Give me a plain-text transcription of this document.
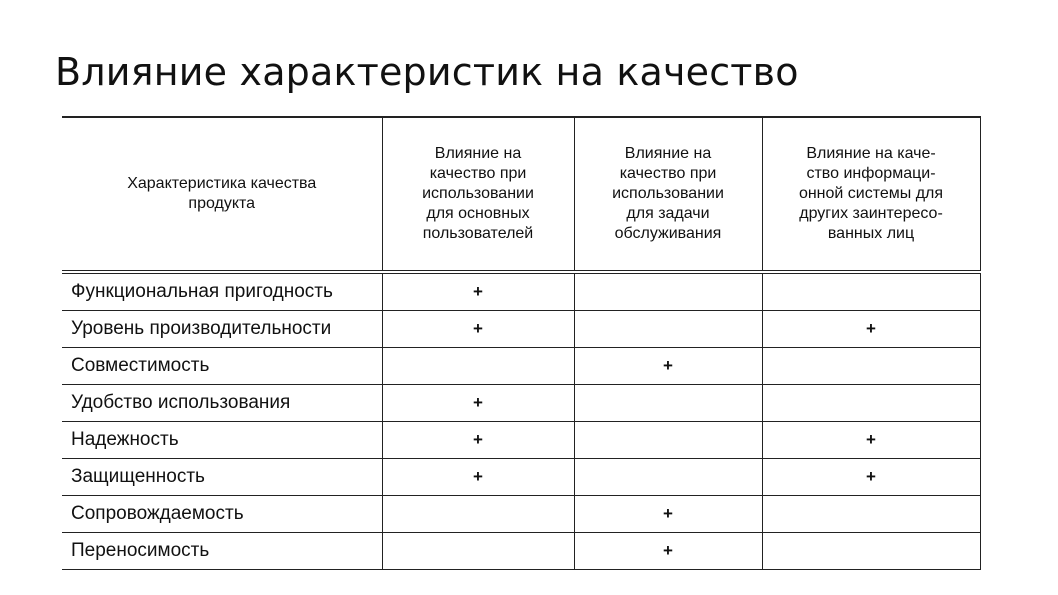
Влияние характеристик на качество
Характеристика качества
продукта	Влияние на
качество при
использовании
для основных
пользователей	Влияние на
качество при
использовании
для задачи
обслуживания	Влияние на каче-
ство информаци-
онной системы для
других заинтересо-
ванных лиц

Функциональная пригодность	+		
Уровень производительности	+		+
Совместимость		+	
Удобство использования	+		
Надежность	+		+
Защищенность	+		+
Сопровождаемость		+	
Переносимость		+	
